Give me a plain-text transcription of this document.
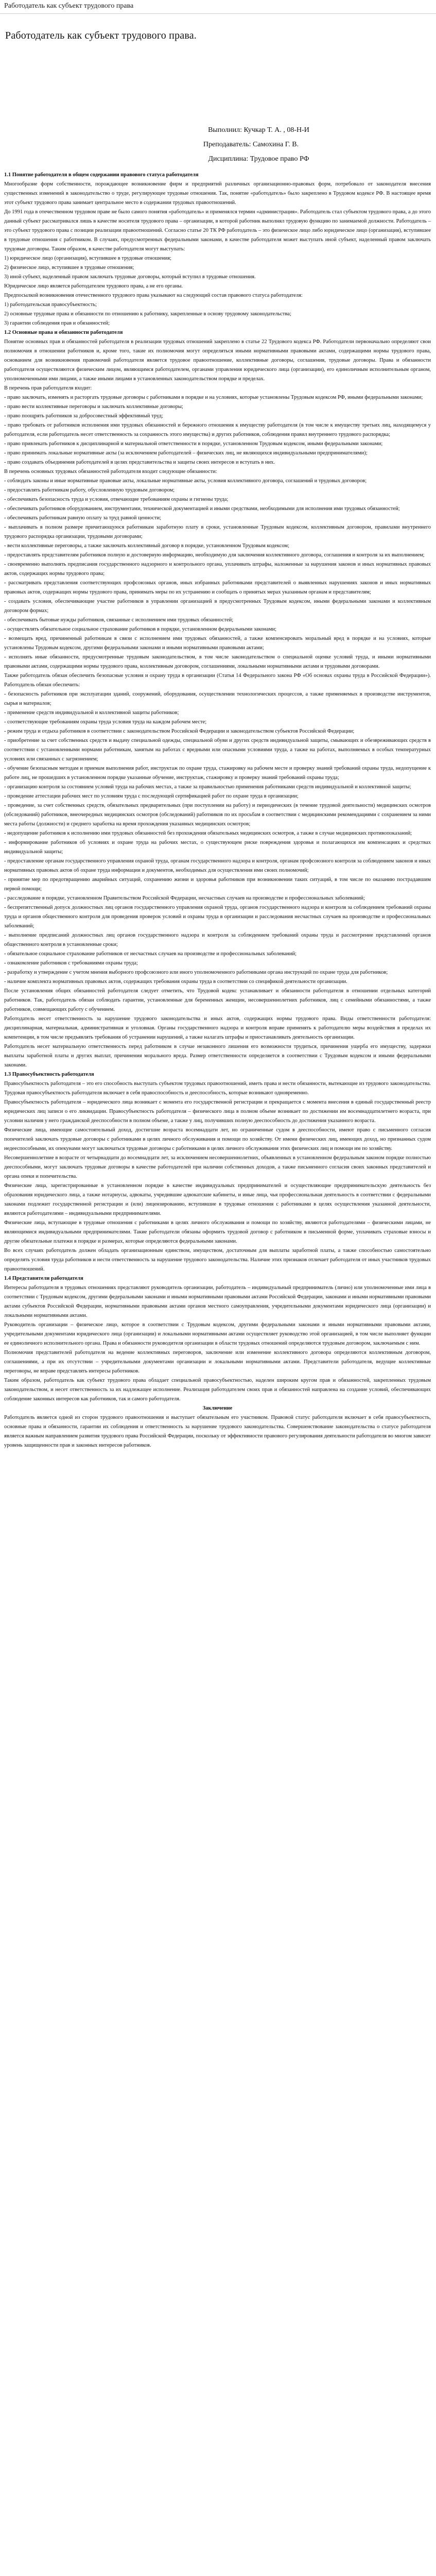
Работодатель как субъект трудового права
Работодатель как субъект трудового права.
Выполнил: Кучкар Т. А. , 08-Н-И
Преподаватель: Самохина Г. В.
Дисциплина: Трудовое право РФ

1.1 Понятие работодателя в общем содержании правового статуса работодателя

Многообразие форм собственности, порождающее возникновение фирм и предприятий различных организационно-правовых форм, потребовало от законодателя внесения существенных изменений в законодательство о труде, регулирующее трудовые отношения. Так, понятие «работодатель» было закреплено в Трудовом кодексе РФ. В настоящее время этот субъект трудового права занимает центральное место в содержании трудовых правоотношений.

До 1991 года в отечественном трудовом праве не было самого понятия «работодатель» и применялся термин «администрация». Работодатель стал субъектом трудового права, а до этого данный субъект рассматривался лишь в качестве носителя трудового права – организации, в которой работник выполнял трудовую функцию по занимаемой должности. Работодатель – это субъект трудового права с позиции реализации правоотношений. Согласно статье 20 ТК РФ работодатель – это физическое лицо либо юридическое лицо (организация), вступившее в трудовые отношения с работником. В случаях, предусмотренных федеральными законами, в качестве работодателя может выступать иной субъект, наделенный правом заключать трудовые договоры. Таким образом, в качестве работодателя могут выступать:

1) юридическое лицо (организация), вступившее в трудовые отношения;

2) физическое лицо, вступившее в трудовые отношения;

3) иной субъект, наделенный правом заключать трудовые договоры, который вступил в трудовые отношения.

Юридическое лицо является работодателем трудового права, а не его органы.

Предпосылкой возникновения отечественного трудового права указывают на следующий состав правового статуса работодателя:

1) работодательская правосубъектность;

2) основные трудовые права и обязанности по отношению к работнику, закрепленные в основу трудовому законодательства;

3) гарантии соблюдения прав и обязанностей;

1.2 Основные права и обязанности работодателя

Понятие основных прав и обязанностей работодателя в реализации трудовых отношений закреплено в статье 22 Трудового кодекса РФ. Работодатели первоначально определяют свои полномочия в отношении работников и, кроме того, такие их полномочия могут определяться иными нормативными правовыми актами, содержащими нормы трудового права, основанием для возникновения правомочий работодателя является трудовое правоотношение, коллективные договоры, соглашения, трудовые договоры. Права и обязанности работодателя осуществляются физическим лицом, являющимся работодателем, органами управления юридического лица (организации), его единоличным исполнительным органом, уполномоченными ими лицами, а также иными лицами в установленных законодательством порядке и пределах.

В перечень прав работодателя входит:

- право заключать, изменять и расторгать трудовые договоры с работниками в порядке и на условиях, которые установлены Трудовым кодексом РФ, иными федеральными законами;

- право вести коллективные переговоры и заключать коллективные договоры;

- право поощрять работников за добросовестный эффективный труд;

- право требовать от работников исполнения ими трудовых обязанностей и бережного отношения к имуществу работодателя (в том числе к имуществу третьих лиц, находящемуся у работодателя, если работодатель несет ответственность за сохранность этого имущества) и других работников, соблюдения правил внутреннего трудового распорядка;

- право привлекать работников к дисциплинарной и материальной ответственности в порядке, установленном Трудовым кодексом, иными федеральными законами;

- право принимать локальные нормативные акты (за исключением работодателей – физических лиц, не являющихся индивидуальными предпринимателями);

- право создавать объединения работодателей в целях представительства и защиты своих интересов и вступать в них.

В перечень основных трудовых обязанностей работодателя входит следующие обязанности:

- соблюдать законы и иные нормативные правовые акты, локальные нормативные акты, условия коллективного договора, соглашений и трудовых договоров;

- предоставлять работникам работу, обусловленную трудовым договором;

- обеспечивать безопасность труда и условия, отвечающие требованиям охраны и гигиены труда;

- обеспечивать работников оборудованием, инструментами, технической документацией и иными средствами, необходимыми для исполнения ими трудовых обязанностей;

- обеспечивать работникам равную оплату за труд равной ценности;

- выплачивать в полном размере причитающуюся работникам заработную плату в сроки, установленные Трудовым кодексом, коллективным договором, правилами внутреннего трудового распорядка организации, трудовыми договорами;

- вести коллективные переговоры, а также заключать коллективный договор в порядке, установленном Трудовым кодексом;

- предоставлять представителям работников полную и достоверную информацию, необходимую для заключения коллективного договора, соглашения и контроля за их выполнением;

- своевременно выполнять предписания государственного надзорного и контрольного органа, уплачивать штрафы, наложенные за нарушения законов и иных нормативных правовых актов, содержащих нормы трудового права;

- рассматривать представления соответствующих профсоюзных органов, иных избранных работниками представителей о выявленных нарушениях законов и иных нормативных правовых актов, содержащих нормы трудового права, принимать меры по их устранению и сообщать о принятых мерах указанным органам и представителям;

- создавать условия, обеспечивающие участие работников в управлении организацией в предусмотренных Трудовым кодексом, иными федеральными законами и коллективным договором формах;

- обеспечивать бытовые нужды работников, связанные с исполнением ими трудовых обязанностей;

- осуществлять обязательное социальное страхование работников в порядке, установленном федеральными законами;

- возмещать вред, причиненный работникам в связи с исполнением ими трудовых обязанностей, а также компенсировать моральный вред в порядке и на условиях, которые установлены Трудовым кодексом, другими федеральными законами и иными нормативными правовыми актами;

- исполнять иные обязанности, предусмотренные трудовым законодательством, в том числе законодательством о специальной оценке условий труда, и иными нормативными правовыми актами, содержащими нормы трудового права, коллективным договором, соглашениями, локальными нормативными актами и трудовыми договорами.

Также работодатель обязан обеспечить безопасные условия и охрану труда в организации (Статья 14 Федерального закона РФ «Об основах охраны труда в Российской Федерации»). Работодатель обязан обеспечить:

- безопасность работников при эксплуатации зданий, сооружений, оборудования, осуществлении технологических процессов, а также применяемых в производстве инструментов, сырья и материалов;

- применение средств индивидуальной и коллективной защиты работников;

- соответствующие требованиям охраны труда условия труда на каждом рабочем месте;

- режим труда и отдыха работников в соответствии с законодательством Российской Федерации и законодательством субъектов Российской Федерации;

- приобретение за счет собственных средств и выдачу специальной одежды, специальной обуви и других средств индивидуальной защиты, смывающих и обезвреживающих средств в соответствии с установленными нормами работникам, занятым на работах с вредными или опасными условиями труда, а также на работах, выполняемых в особых температурных условиях или связанных с загрязнением;

- обучение безопасным методам и приемам выполнения работ, инструктаж по охране труда, стажировку на рабочем месте и проверку знаний требований охраны труда, недопущение к работе лиц, не прошедших в установленном порядке указанные обучение, инструктаж, стажировку и проверку знаний требований охраны труда;

- организацию контроля за состоянием условий труда на рабочих местах, а также за правильностью применения работниками средств индивидуальной и коллективной защиты;

- проведение аттестации рабочих мест по условиям труда с последующей сертификацией работ по охране труда в организации;

- проведение, за счет собственных средств, обязательных предварительных (при поступлении на работу) и периодических (в течение трудовой деятельности) медицинских осмотров (обследований) работников, внеочередных медицинских осмотров (обследований) работников по их просьбам в соответствии с медицинскими рекомендациями с сохранением за ними места работы (должности) и среднего заработка на время прохождения указанных медицинских осмотров;

- недопущение работников к исполнению ими трудовых обязанностей без прохождения обязательных медицинских осмотров, а также в случае медицинских противопоказаний;

- информирование работников об условиях и охране труда на рабочих местах, о существующем риске повреждения здоровья и полагающихся им компенсациях и средствах индивидуальной защиты;

- предоставление органам государственного управления охраной труда, органам государственного надзора и контроля, органам профсоюзного контроля за соблюдением законов и иных нормативных правовых актов об охране труда информации и документов, необходимых для осуществления ими своих полномочий;

- принятие мер по предотвращению аварийных ситуаций, сохранению жизни и здоровья работников при возникновении таких ситуаций, в том числе по оказанию пострадавшим первой помощи;

- расследование в порядке, установленном Правительством Российской Федерации, несчастных случаев на производстве и профессиональных заболеваний;

- беспрепятственный допуск должностных лиц органов государственного управления охраной труда, органов государственного надзора и контроля за соблюдением требований охраны труда и органов общественного контроля для проведения проверок условий и охраны труда в организации и расследования несчастных случаев на производстве и профессиональных заболеваний;

- выполнение предписаний должностных лиц органов государственного надзора и контроля за соблюдением требований охраны труда и рассмотрение представлений органов общественного контроля в установленные сроки;

- обязательное социальное страхование работников от несчастных случаев на производстве и профессиональных заболеваний;

- ознакомление работников с требованиями охраны труда;

- разработку и утверждение с учетом мнения выборного профсоюзного или иного уполномоченного работниками органа инструкций по охране труда для работников;

- наличие комплекта нормативных правовых актов, содержащих требования охраны труда в соответствии со спецификой деятельности организации.

После установления общих обязанностей работодателя следует отметить, что Трудовой кодекс устанавливает и обязанности работодателя в отношении отдельных категорий работников. Так, работодатель обязан соблюдать гарантии, установленные для беременных женщин, несовершеннолетних работников, лиц с семейными обязанностями, а также работников, совмещающих работу с обучением.

Работодатель несет ответственность за нарушение трудового законодательства и иных актов, содержащих нормы трудового права. Виды ответственности работодателя: дисциплинарная, материальная, административная и уголовная. Органы государственного надзора и контроля вправе применять к работодателю меры воздействия в пределах их компетенции, в том числе предъявлять требования об устранении нарушений, а также налагать штрафы и приостанавливать деятельность организации.

Работодатель несет материальную ответственность перед работником в случае незаконного лишения его возможности трудиться, причинения ущерба его имуществу, задержки выплаты заработной платы и других выплат, причинения морального вреда. Размер ответственности определяется в соответствии с Трудовым кодексом и иными федеральными законами.

1.3 Правосубъектность работодателя

Правосубъектность работодателя – это его способность выступать субъектом трудовых правоотношений, иметь права и нести обязанности, вытекающие из трудового законодательства. Трудовая правосубъектность работодателя включает в себя правоспособность и дееспособность, которые возникают одновременно.

Правосубъектность работодателя – юридического лица возникает с момента его государственной регистрации и прекращается с момента внесения в единый государственный реестр юридических лиц записи о его ликвидации. Правосубъектность работодателя – физического лица в полном объеме возникает по достижении им восемнадцатилетнего возраста, при условии наличия у него гражданской дееспособности в полном объеме, а также у лиц, получивших полную дееспособность до достижения указанного возраста.

Физические лица, имеющие самостоятельный доход, достигшие возраста восемнадцати лет, но ограниченные судом в дееспособности, имеют право с письменного согласия попечителей заключать трудовые договоры с работниками в целях личного обслуживания и помощи по хозяйству. От имени физических лиц, имеющих доход, но признанных судом недееспособными, их опекунами могут заключаться трудовые договоры с работниками в целях личного обслуживания этих физических лиц и помощи им по хозяйству.

Несовершеннолетние в возрасте от четырнадцати до восемнадцати лет, за исключением несовершеннолетних, объявленных в установленном федеральным законом порядке полностью дееспособными, могут заключать трудовые договоры в качестве работодателей при наличии собственных доходов, а также письменного согласия своих законных представителей и органа опеки и попечительства.

Физические лица, зарегистрированные в установленном порядке в качестве индивидуальных предпринимателей и осуществляющие предпринимательскую деятельность без образования юридического лица, а также нотариусы, адвокаты, учредившие адвокатские кабинеты, и иные лица, чья профессиональная деятельность в соответствии с федеральными законами подлежит государственной регистрации и (или) лицензированию, вступившие в трудовые отношения с работниками в целях осуществления указанной деятельности, являются работодателями – индивидуальными предпринимателями.

Физические лица, вступающие в трудовые отношения с работниками в целях личного обслуживания и помощи по хозяйству, являются работодателями – физическими лицами, не являющимися индивидуальными предпринимателями. Такие работодатели обязаны оформить трудовой договор с работником в письменной форме, уплачивать страховые взносы и другие обязательные платежи в порядке и размерах, которые определяются федеральными законами.

Во всех случаях работодатель должен обладать организационным единством, имуществом, достаточным для выплаты заработной платы, а также способностью самостоятельно определять условия труда работников и нести ответственность за нарушение трудового законодательства. Наличие этих признаков отличает работодателя от иных участников трудовых правоотношений.

1.4 Представители работодателя

Интересы работодателя в трудовых отношениях представляют руководитель организации, работодатель – индивидуальный предприниматель (лично) или уполномоченные ими лица в соответствии с Трудовым кодексом, другими федеральными законами и иными нормативными правовыми актами Российской Федерации, законами и иными нормативными правовыми актами субъектов Российской Федерации, нормативными правовыми актами органов местного самоуправления, учредительными документами юридического лица (организации) и локальными нормативными актами.

Руководитель организации – физическое лицо, которое в соответствии с Трудовым кодексом, другими федеральными законами и иными нормативными правовыми актами, учредительными документами юридического лица (организации) и локальными нормативными актами осуществляет руководство этой организацией, в том числе выполняет функции ее единоличного исполнительного органа. Права и обязанности руководителя организации в области трудовых отношений определяются трудовым договором, заключаемым с ним.

Полномочия представителей работодателя на ведение коллективных переговоров, заключение или изменение коллективного договора определяются коллективным договором, соглашениями, а при их отсутствии – учредительными документами организации и локальными нормативными актами. Представители работодателя, ведущие коллективные переговоры, не вправе представлять интересы работников.

Таким образом, работодатель как субъект трудового права обладает специальной правосубъектностью, наделен широким кругом прав и обязанностей, закрепленных трудовым законодательством, и несет ответственность за их надлежащее исполнение. Реализация работодателем своих прав и обязанностей направлена на создание условий, обеспечивающих соблюдение законных интересов как работников, так и самого работодателя.

Заключение

Работодатель является одной из сторон трудового правоотношения и выступает обязательным его участником. Правовой статус работодателя включает в себя правосубъектность, основные права и обязанности, гарантии их соблюдения и ответственность за нарушение трудового законодательства. Совершенствование законодательства о статусе работодателя является важным направлением развития трудового права Российской Федерации, поскольку от эффективности правового регулирования деятельности работодателя во многом зависит уровень защищенности прав и законных интересов работников.
